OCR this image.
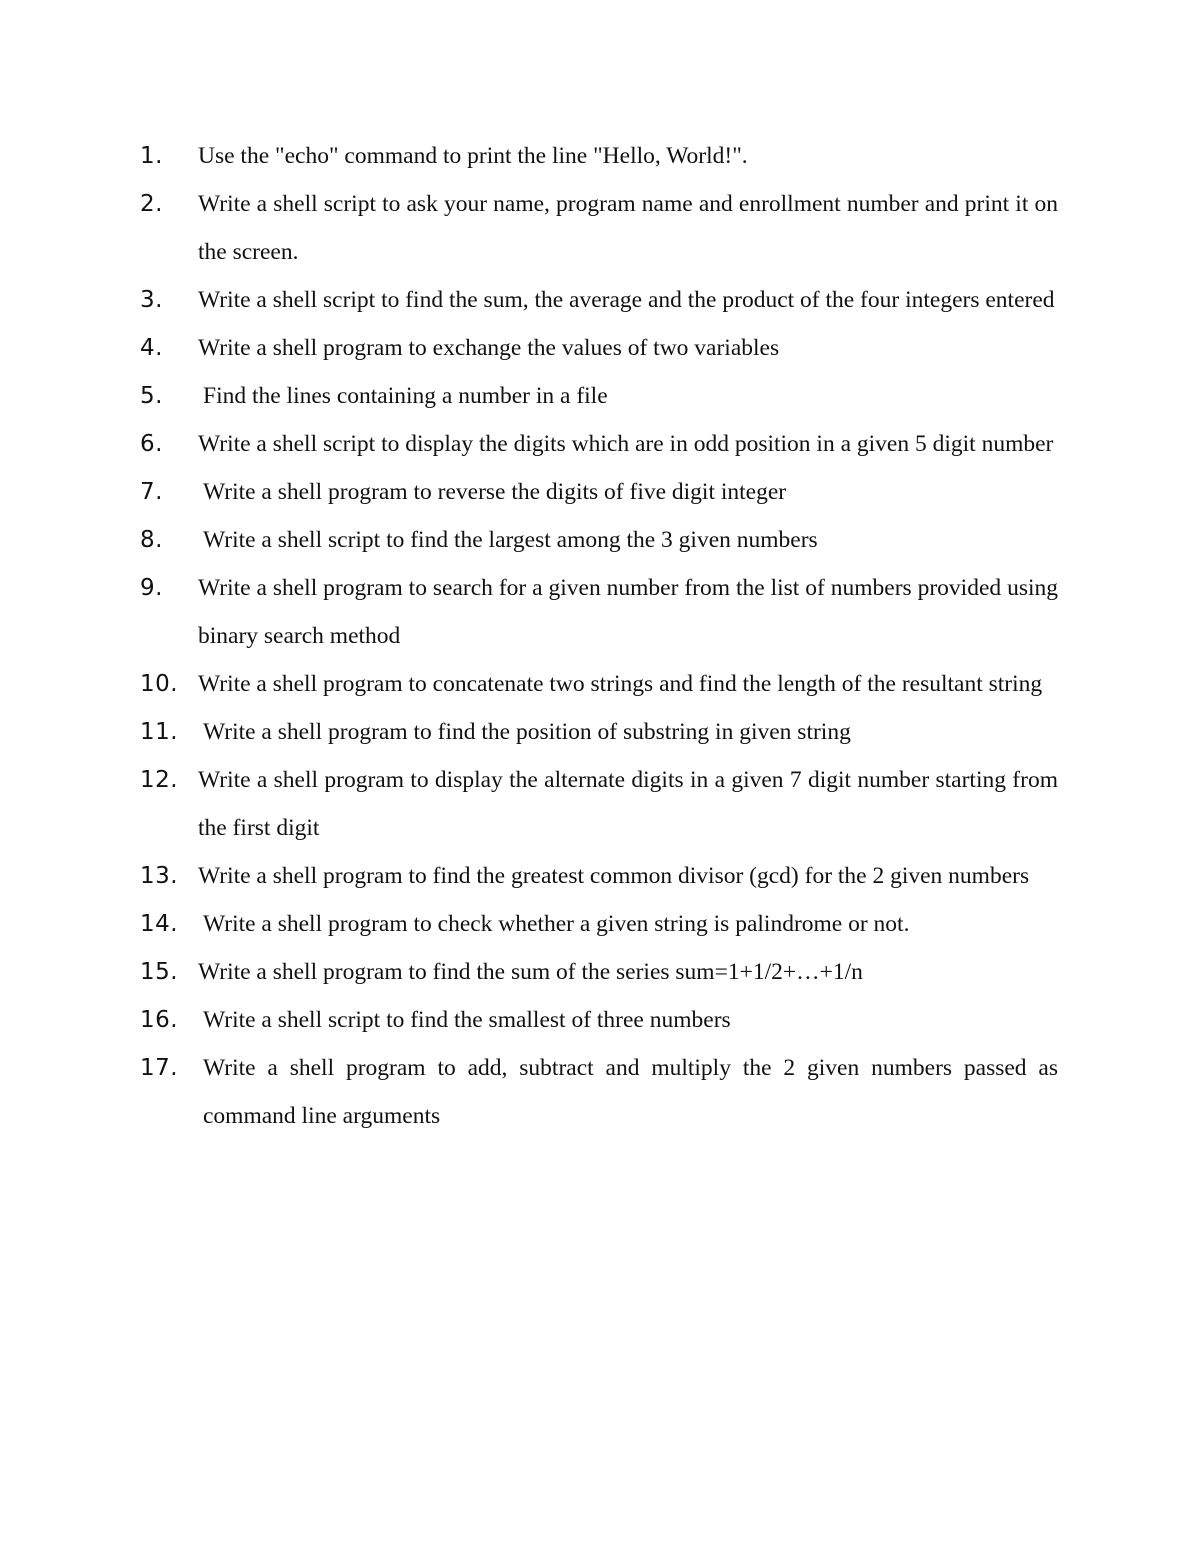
1.	Use the "echo" command to print the line "Hello, World!".
2.	Write a shell script to ask your name, program name and enrollment number and print it on the screen.
3.	Write a shell script to find the sum, the average and the product of the four integers entered
4.	Write a shell program to exchange the values of two variables
5.	Find the lines containing a number in a file
6.	Write a shell script to display the digits which are in odd position in a given 5 digit number
7.	Write a shell program to reverse the digits of five digit integer
8.	Write a shell script to find the largest among the 3 given numbers
9.	Write a shell program to search for a given number from the list of numbers provided using binary search method
10. Write a shell program to concatenate two strings and find the length of the resultant string
11.	Write a shell program to find the position of substring in given string
12. Write a shell program to display the alternate digits in a given 7 digit number starting from the first digit
13. Write a shell program to find the greatest common divisor (gcd) for the 2 given numbers
14.	Write a shell program to check whether a given string is palindrome or not.
15. Write a shell program to find the sum of the series sum=1+1/2+…+1/n
16.	Write a shell script to find the smallest of three numbers
17.	Write a shell program to add, subtract and multiply the 2 given numbers passed as command line arguments
